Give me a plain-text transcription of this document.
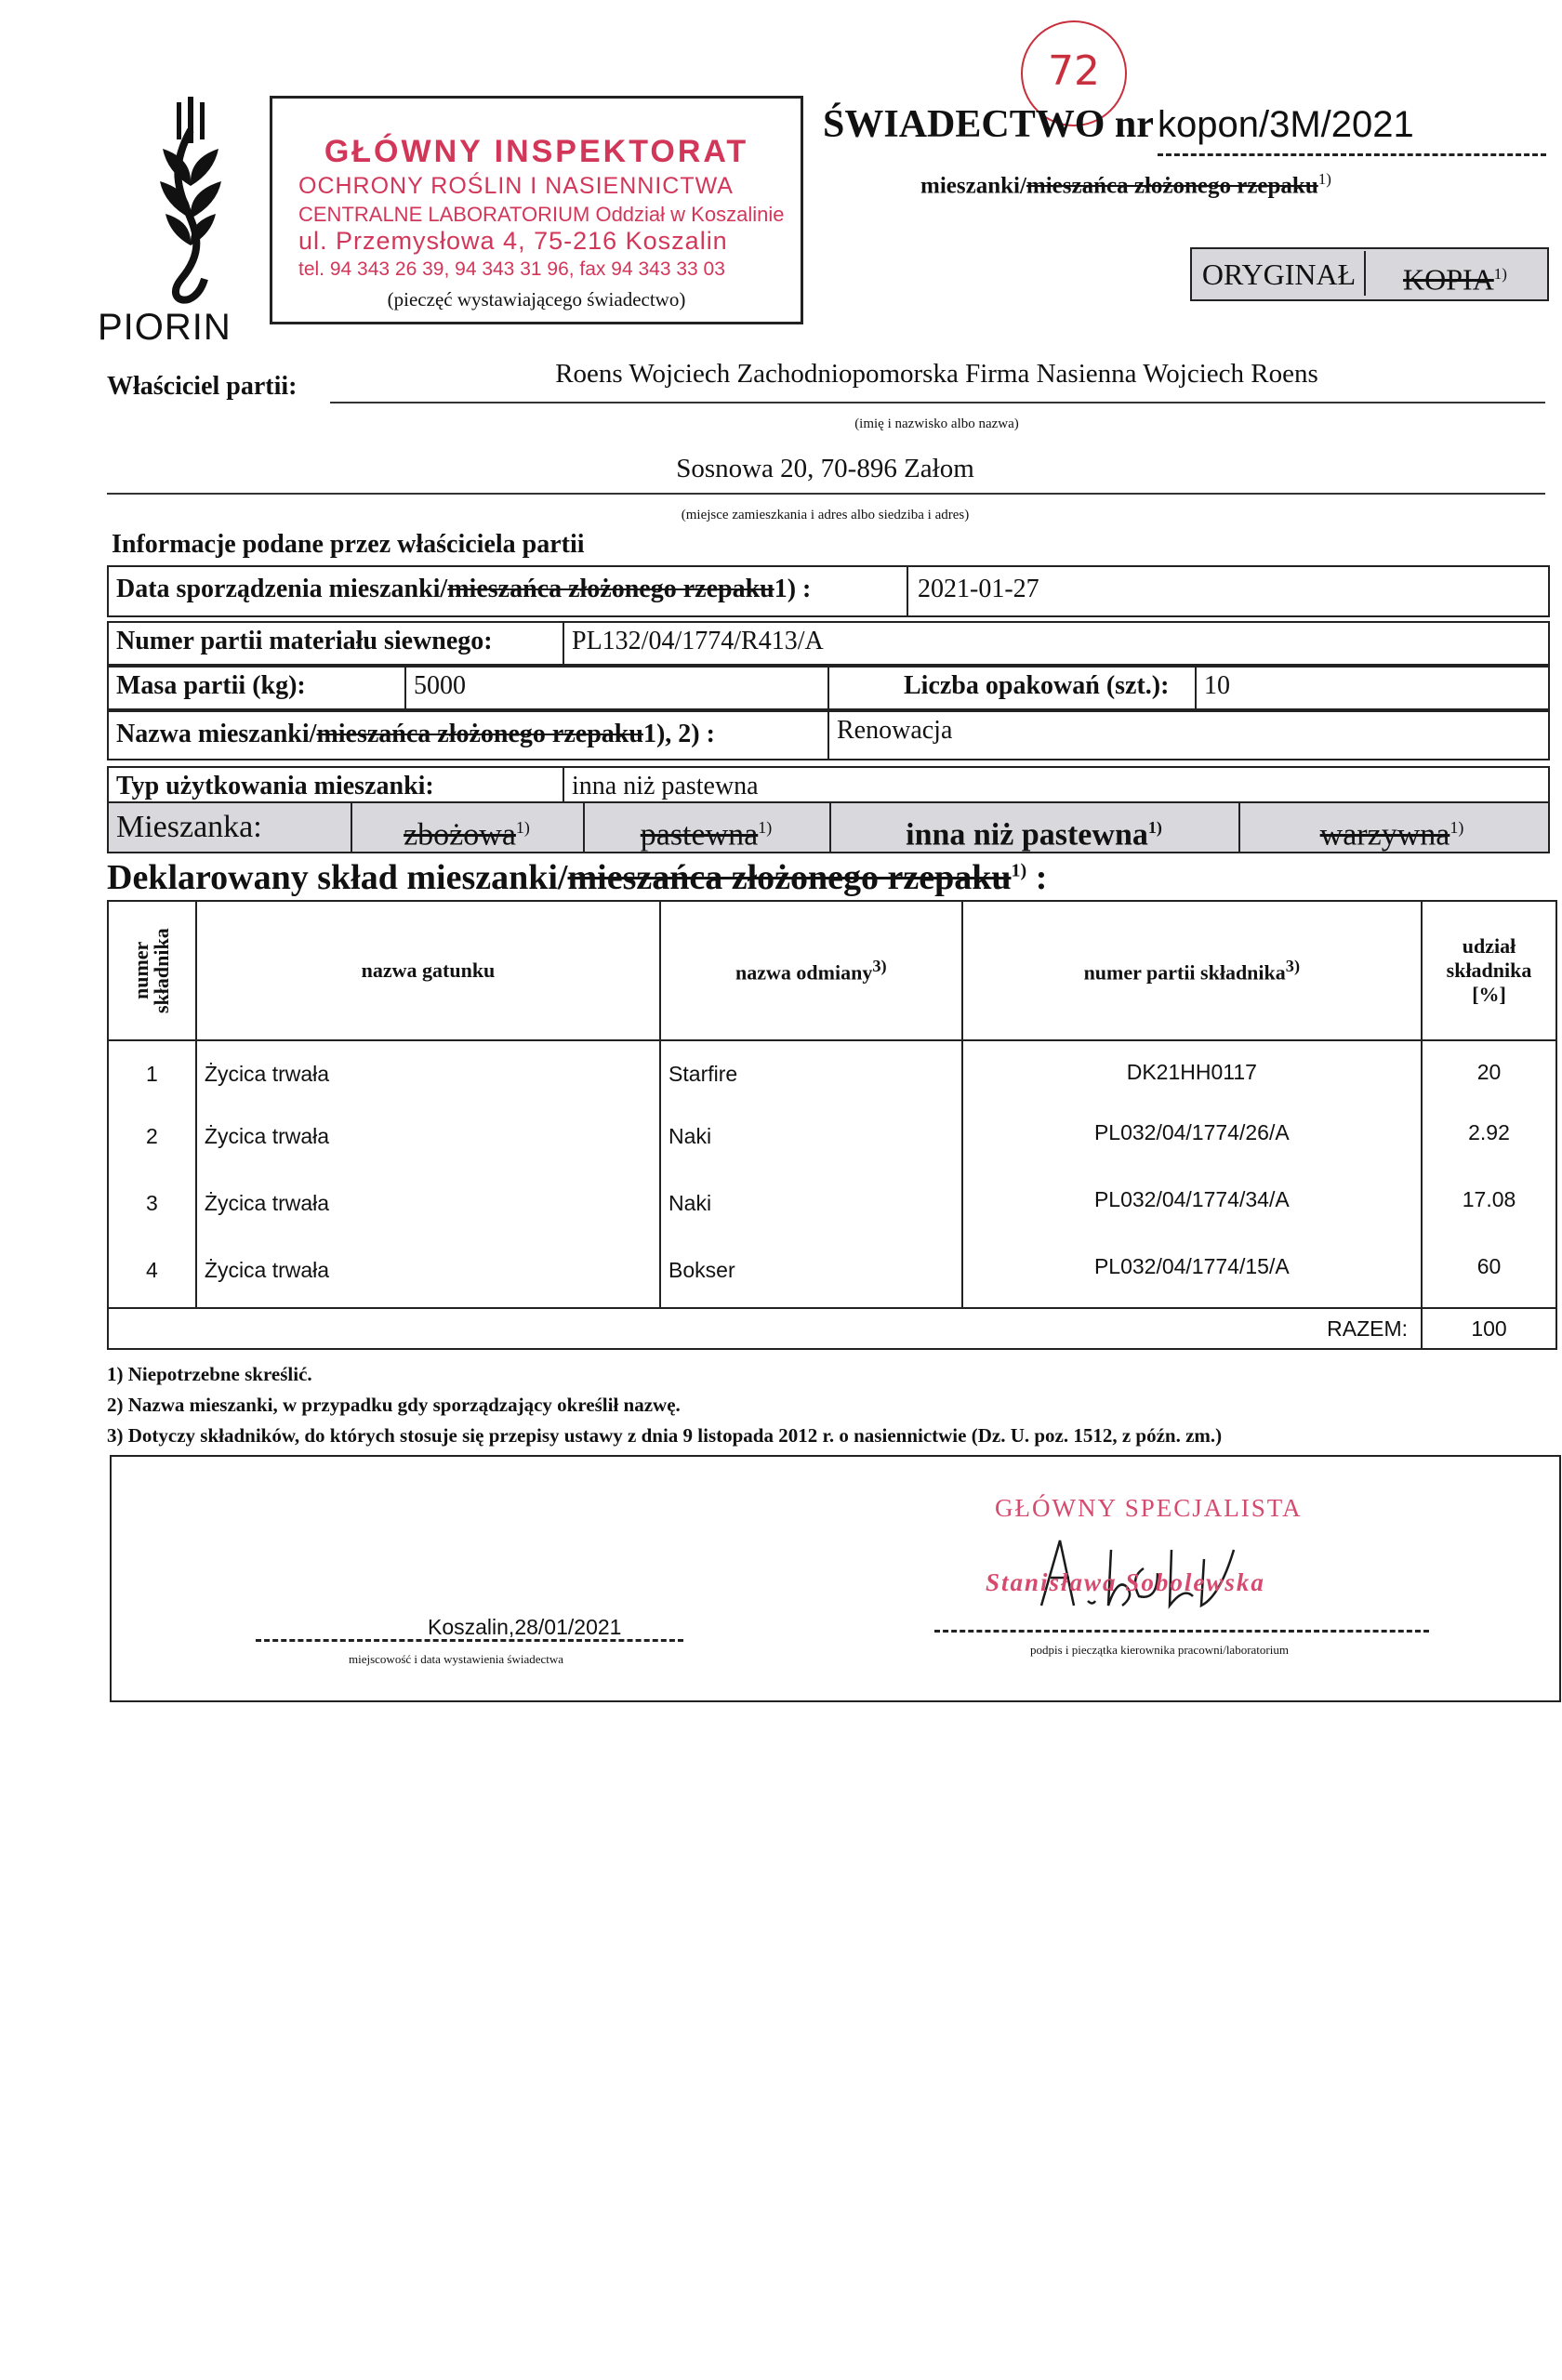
72
PIORIN
GŁÓWNY INSPEKTORAT
OCHRONY ROŚLIN I NASIENNICTWA
CENTRALNE LABORATORIUM Oddział w Koszalinie
ul. Przemysłowa 4, 75-216 Koszalin
tel. 94 343 26 39, 94 343 31 96, fax 94 343 33 03
(pieczęć wystawiającego świadectwo)
ŚWIADECTWO nr kopon/3M/2021
mieszanki/mieszańca złożonego rzepaku$^{1)}$
ORYGINAŁ	KOPIA$^{1)}$
Właściciel partii:	Roens Wojciech Zachodniopomorska Firma Nasienna Wojciech Roens
(imię i nazwisko albo nazwa)
Sosnowa 20, 70-896 Załom
(miejsce zamieszkania i adres albo siedziba i adres)
Informacje podane przez właściciela partii
Data sporządzenia mieszanki/mieszańca złożonego rzepaku1) :	2021-01-27
Numer partii materiału siewnego:	PL132/04/1774/R413/A
Masa partii (kg):	5000	Liczba opakowań (szt.): 10
Nazwa mieszanki/mieszańca złożonego rzepaku1), 2) :	Renowacja
Typ użytkowania mieszanki:	inna niż pastewna
Mieszanka:	zbożowa$^{1)}$	pastewna$^{1)}$	inna niż pastewna$^{1)}$	warzywna$^{1)}$
Deklarowany skład mieszanki/mieszańca złożonego rzepaku$^{1)}$ :
numer składnika	nazwa gatunku	nazwa odmiany$^{3)}$	numer partii składnika$^{3)}$	udział składnika [%]
1	Życica trwała	Starfire	DK21HH0117	20
2	Życica trwała	Naki	PL032/04/1774/26/A	2.92
3	Życica trwała	Naki	PL032/04/1774/34/A	17.08
4	Życica trwała	Bokser	PL032/04/1774/15/A	60
RAZEM:				100
1) Niepotrzebne skreślić.
2) Nazwa mieszanki, w przypadku gdy sporządzający określił nazwę.
3) Dotyczy składników, do których stosuje się przepisy ustawy z dnia 9 listopada 2012 r. o nasiennictwie (Dz. U. poz. 1512, z późn. zm.)
GŁÓWNY SPECJALISTA
Stanisława Sobolewska
Koszalin,28/01/2021
miejscowość i data wystawienia świadectwa
podpis i pieczątka kierownika pracowni/laboratorium
